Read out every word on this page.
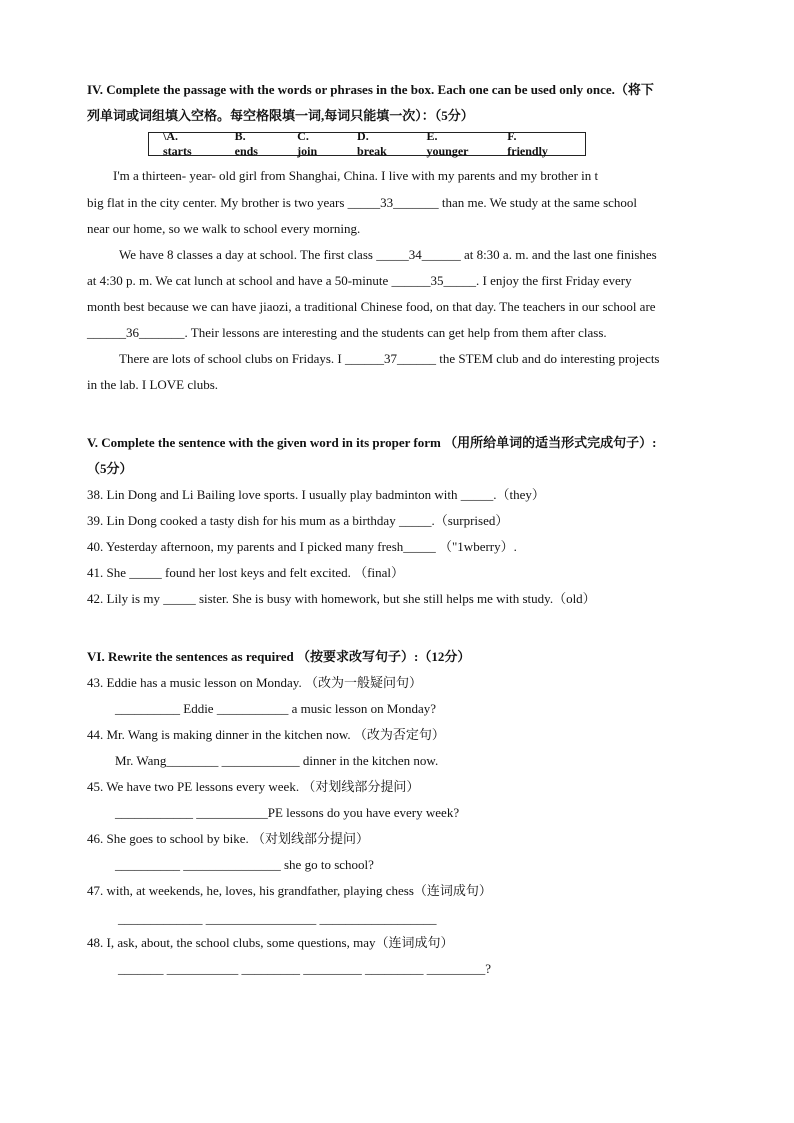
IV. Complete the passage with the words or phrases in the box. Each one can be used only once.（将下
列单词或词组填入空格。每空格限填一词,每词只能填一次）：（5分）
\A. starts
B. ends
C. join
D. break
E. younger
F. friendly
I'm a thirteen- year- old girl from Shanghai, China. I live with my parents and my brother in t
big flat in the city center. My brother is two years _____33_______ than me. We study at the same school
near our home, so we walk to school every morning.
We have 8 classes a day at school. The first class _____34______ at 8:30 a. m. and the last one finishes
at 4:30 p. m. We cat lunch at school and have a 50-minute ______35_____. I enjoy the first Friday every
month best because we can have jiaozi, a traditional Chinese food, on that day. The teachers in our school are
______36_______. Their lessons are interesting and the students can get help from them after class.
There are lots of school clubs on Fridays. I ______37______ the STEM club and do interesting projects
in the lab. I LOVE clubs.
V. Complete the sentence with the given word in its proper form （用所给单词的适当形式完成句子）:
（5分）
38. Lin Dong and Li Bailing love sports. I usually play badminton with _____.（they）
39. Lin Dong cooked a tasty dish for his mum as a birthday _____.（surprised）
40. Yesterday afternoon, my parents and I picked many fresh_____ （"1wberry）.
41. She _____ found her lost keys and felt excited. （final）
42. Lily is my _____ sister. She is busy with homework, but she still helps me with study.（old）
VI. Rewrite the sentences as required （按要求改写句子）:（12分）
43. Eddie has a music lesson on Monday. （改为一般疑问句）
__________ Eddie ___________ a music lesson on Monday?
44. Mr. Wang is making dinner in the kitchen now. （改为否定句）
Mr. Wang________ ____________ dinner in the kitchen now.
45. We have two PE lessons every week. （对划线部分提问）
____________ ___________PE lessons do you have every week?
46. She goes to school by bike. （对划线部分提问）
__________ _______________ she go to school?
47. with, at weekends, he, loves, his grandfather, playing chess（连词成句）
_____________ _________________ __________________
48. I, ask, about, the school clubs, some questions, may（连词成句）
_______ ___________ _________ _________ _________ _________?
